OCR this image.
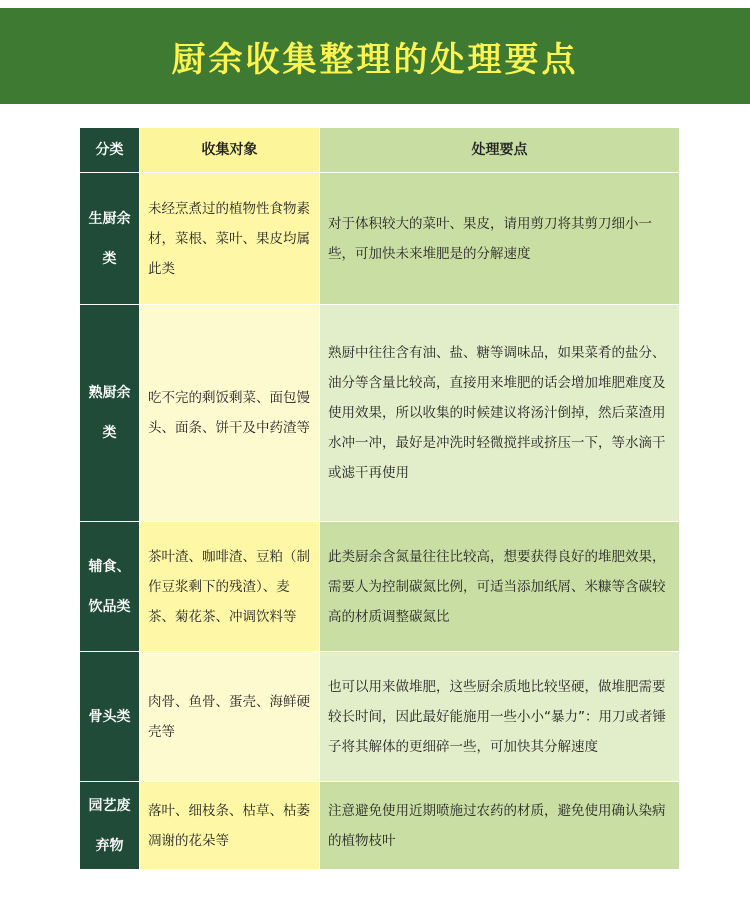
厨余收集整理的处理要点
分类	收集对象	处理要点
生厨余类	未经烹煮过的植物性食物素材，菜根、菜叶、果皮均属此类	对于体积较大的菜叶、果皮，请用剪刀将其剪刀细小一些，可加快未来堆肥是的分解速度
熟厨余类	吃不完的剩饭剩菜、面包馒头、面条、饼干及中药渣等	熟厨中往往含有油、盐、糖等调味品，如果菜肴的盐分、油分等含量比较高，直接用来堆肥的话会增加堆肥难度及使用效果，所以收集的时候建议将汤汁倒掉，然后菜渣用水冲一冲，最好是冲洗时轻微搅拌或挤压一下，等水滴干或滤干再使用
辅食、饮品类	茶叶渣、咖啡渣、豆粕（制作豆浆剩下的残渣）、麦茶、菊花茶、冲调饮料等	此类厨余含氮量往往比较高，想要获得良好的堆肥效果，需要人为控制碳氮比例，可适当添加纸屑、米糠等含碳较高的材质调整碳氮比
骨头类	肉骨、鱼骨、蛋壳、海鲜硬壳等	也可以用来做堆肥，这些厨余质地比较坚硬，做堆肥需要较长时间，因此最好能施用一些小小“暴力”：用刀或者锤子将其解体的更细碎一些，可加快其分解速度
园艺废弃物	落叶、细枝条、枯草、枯萎凋谢的花朵等	注意避免使用近期喷施过农药的材质，避免使用确认染病的植物枝叶
